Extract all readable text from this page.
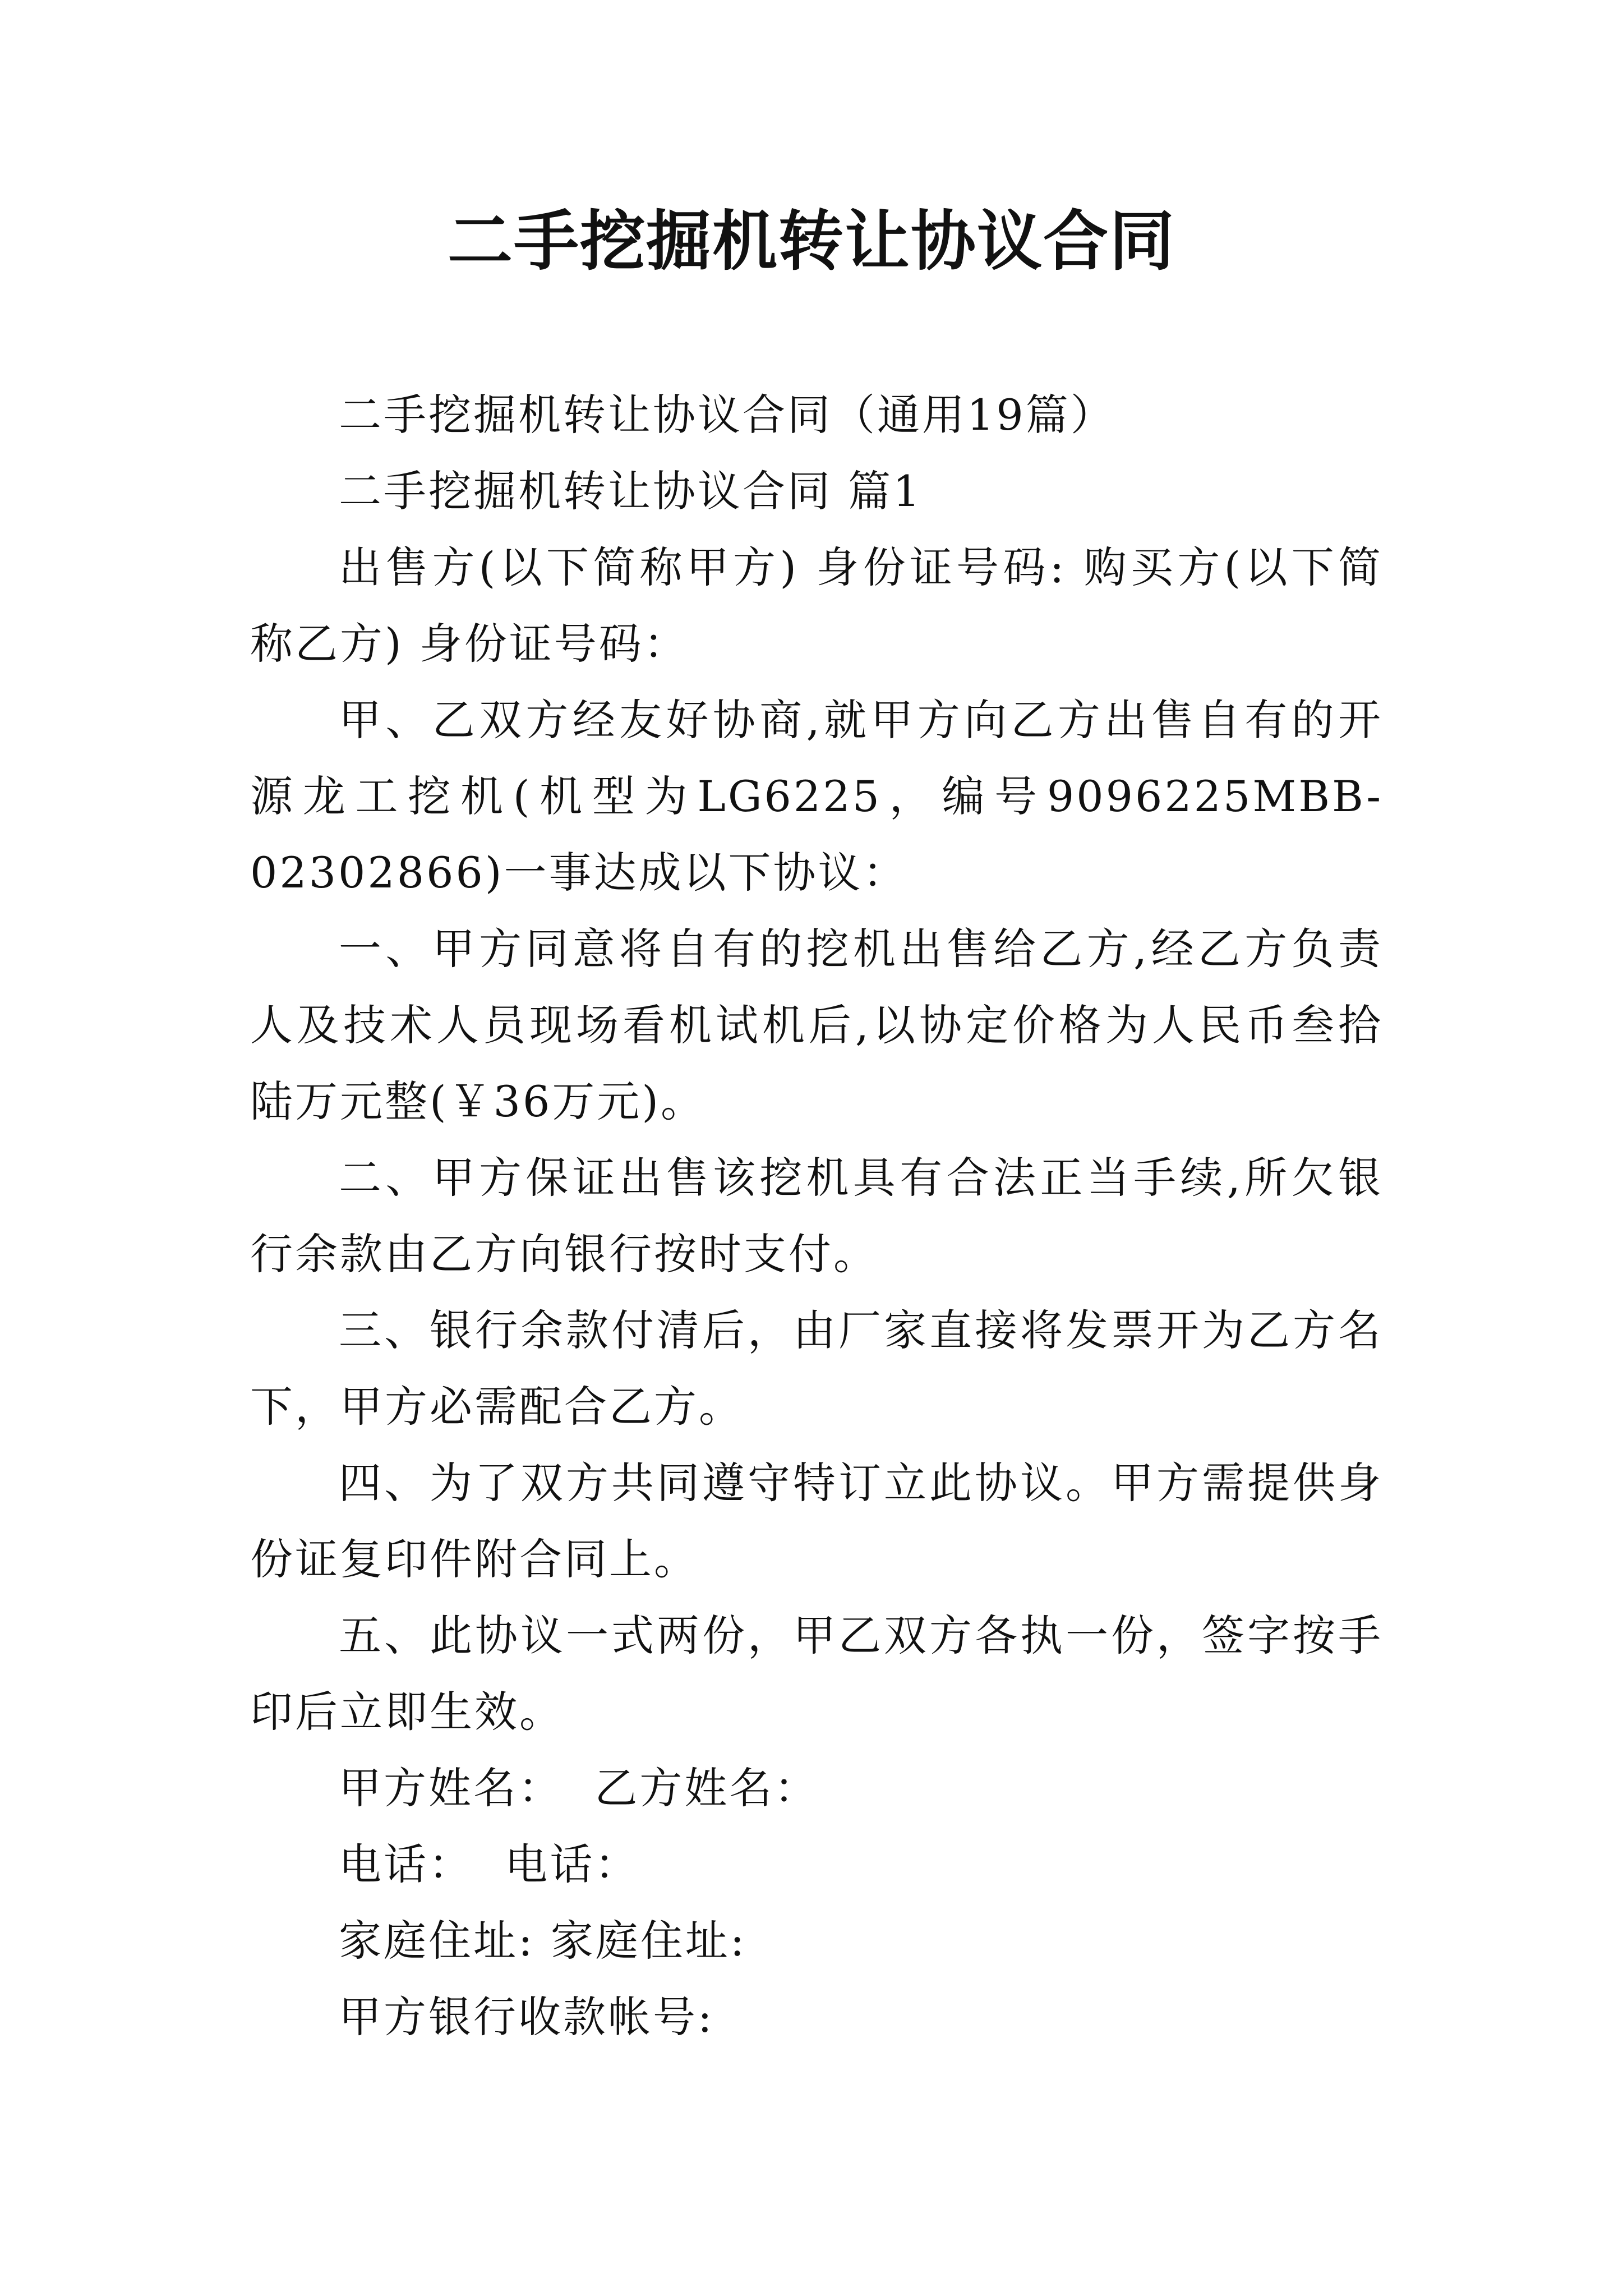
二手挖掘机转让协议合同

二手挖掘机转让协议合同（通用19篇）

二手挖掘机转让协议合同 篇1

出售方(以下简称甲方) 身份证号码: 购买方(以下简称乙方) 身份证号码：

甲、乙双方经友好协商,就甲方向乙方出售自有的开源龙工挖机(机型为LG6225，编号9096225MBB-02302866)一事达成以下协议：

一、甲方同意将自有的挖机出售给乙方,经乙方负责人及技术人员现场看机试机后,以协定价格为人民币叁拾陆万元整(￥36万元)。

二、甲方保证出售该挖机具有合法正当手续,所欠银行余款由乙方向银行按时支付。

三、银行余款付清后，由厂家直接将发票开为乙方名下，甲方必需配合乙方。

四、为了双方共同遵守特订立此协议。甲方需提供身份证复印件附合同上。

五、此协议一式两份，甲乙双方各执一份，签字按手印后立即生效。

甲方姓名：  乙方姓名：

电话：  电话：

家庭住址: 家庭住址:

甲方银行收款帐号:
